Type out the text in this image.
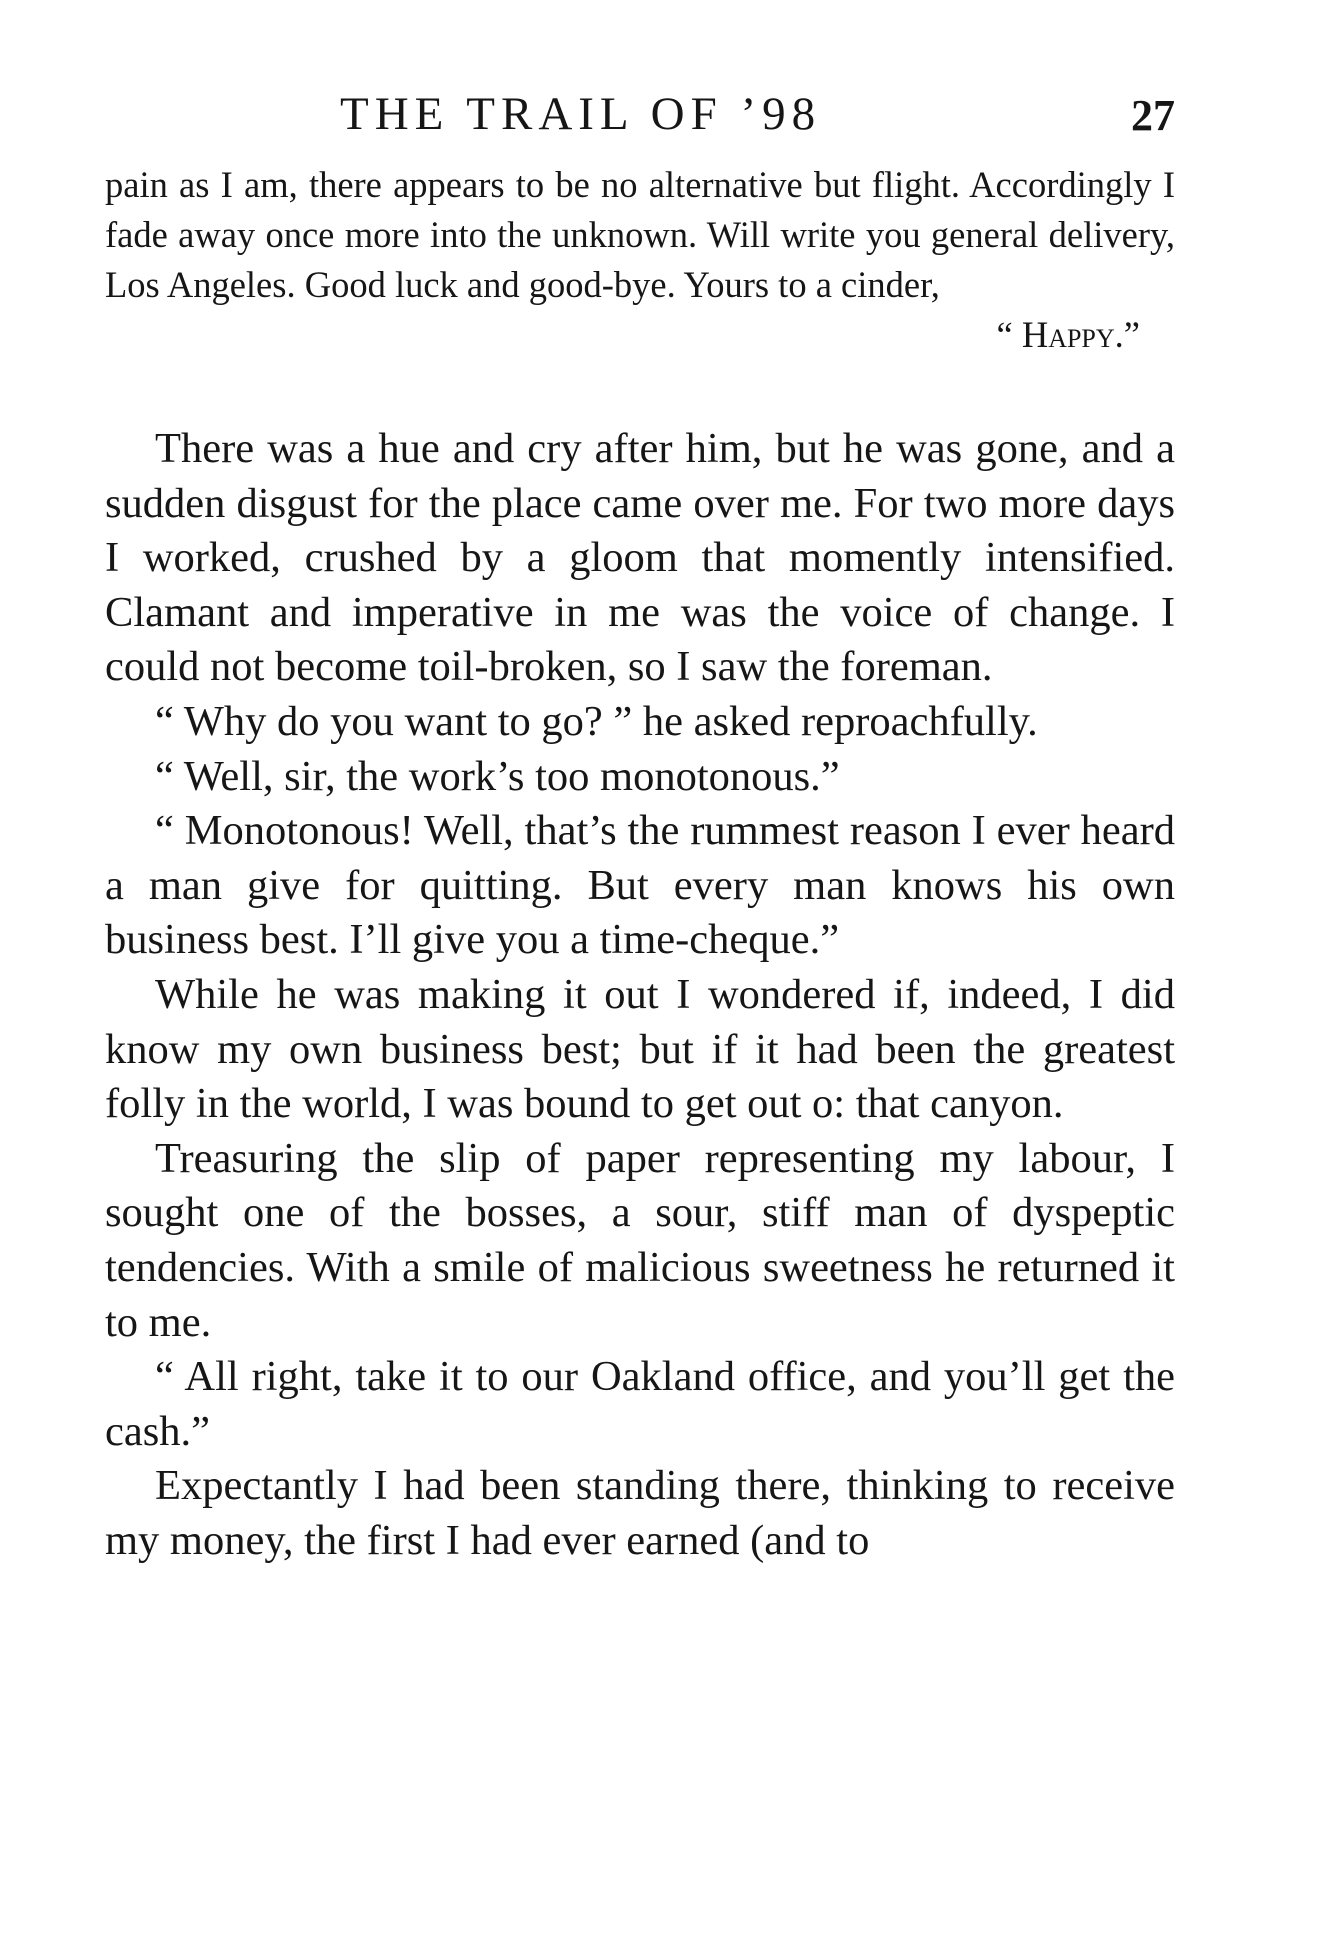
THE TRAIL OF ’98	27

pain as I am, there appears to be no alternative but flight. Accordingly I fade away once more into the unknown. Will write you general delivery, Los Angeles. Good luck and good-bye. Yours to a cinder,

“ Happy.”

There was a hue and cry after him, but he was gone, and a sudden disgust for the place came over me. For two more days I worked, crushed by a gloom that momently intensified. Clamant and imperative in me was the voice of change. I could not become toil-broken, so I saw the foreman.

“ Why do you want to go? ” he asked reproachfully.

“ Well, sir, the work’s too monotonous.”

“ Monotonous! Well, that’s the rummest reason I ever heard a man give for quitting. But every man knows his own business best. I’ll give you a time-cheque.”

While he was making it out I wondered if, indeed, I did know my own business best; but if it had been the greatest folly in the world, I was bound to get out o: that canyon.

Treasuring the slip of paper representing my labour, I sought one of the bosses, a sour, stiff man of dyspeptic tendencies. With a smile of malicious sweetness he returned it to me.

“ All right, take it to our Oakland office, and you’ll get the cash.”

Expectantly I had been standing there, thinking to receive my money, the first I had ever earned (and to
